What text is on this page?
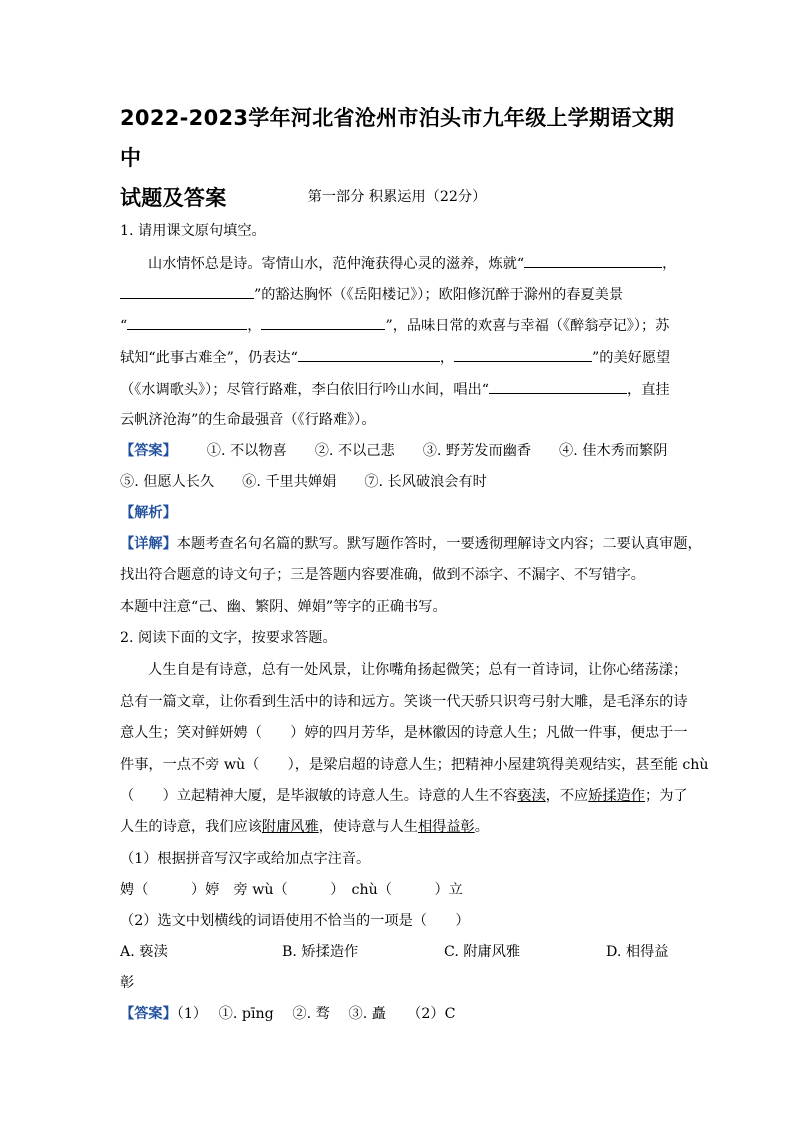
2022-2023学年河北省沧州市泊头市九年级上学期语文期中
试题及答案	第一部分 积累运用（22分）
1. 请用课文原句填空。
山水情怀总是诗。寄情山水，范仲淹获得心灵的滋养，炼就“	，
”的豁达胸怀（《岳阳楼记》）；欧阳修沉醉于滁州的春夏美景
“	，	”，品味日常的欢喜与幸福（《醉翁亭记》）；苏
轼知“此事古难全”，仍表达“	，	”的美好愿望
（《水调歌头》）；尽管行路难，李白依旧行吟山水间，唱出“	，直挂
云帆济沧海”的生命最强音（《行路难》）。
【答案】 ①. 不以物喜 ②. 不以己悲 ③. 野芳发而幽香 ④. 佳木秀而繁阴
⑤. 但愿人长久 ⑥. 千里共婵娟 ⑦. 长风破浪会有时
【解析】
【详解】本题考查名句名篇的默写。默写题作答时，一要透彻理解诗文内容；二要认真审题，
找出符合题意的诗文句子；三是答题内容要准确，做到不添字、不漏字、不写错字。
本题中注意“己、幽、繁阴、婵娟”等字的正确书写。
2. 阅读下面的文字，按要求答题。
人生自是有诗意，总有一处风景，让你嘴角扬起微笑；总有一首诗词，让你心绪荡漾；
总有一篇文章，让你看到生活中的诗和远方。笑谈一代天骄只识弯弓射大雕，是毛泽东的诗
意人生；笑对鲜妍娉（　　）婷的四月芳华，是林徽因的诗意人生；凡做一件事，便忠于一
件事，一点不旁 wù（　　），是梁启超的诗意人生；把精神小屋建筑得美观结实，甚至能 chù
（　　）立起精神大厦，是毕淑敏的诗意人生。诗意的人生不容亵渎，不应矫揉造作；为了
人生的诗意，我们应该附庸风雅，使诗意与人生相得益彰。
（1）根据拼音写汉字或给加点字注音。
娉（　　　）婷　旁 wù（　　　）　chù（　　　）立
（2）选文中划横线的词语使用不恰当的一项是（　　）
A. 亵渎	B. 矫揉造作	C. 附庸风雅	D. 相得益
彰
【答案】（1）　 ①. pīng　 ②. 骛　 ③. 矗　　（2）C
